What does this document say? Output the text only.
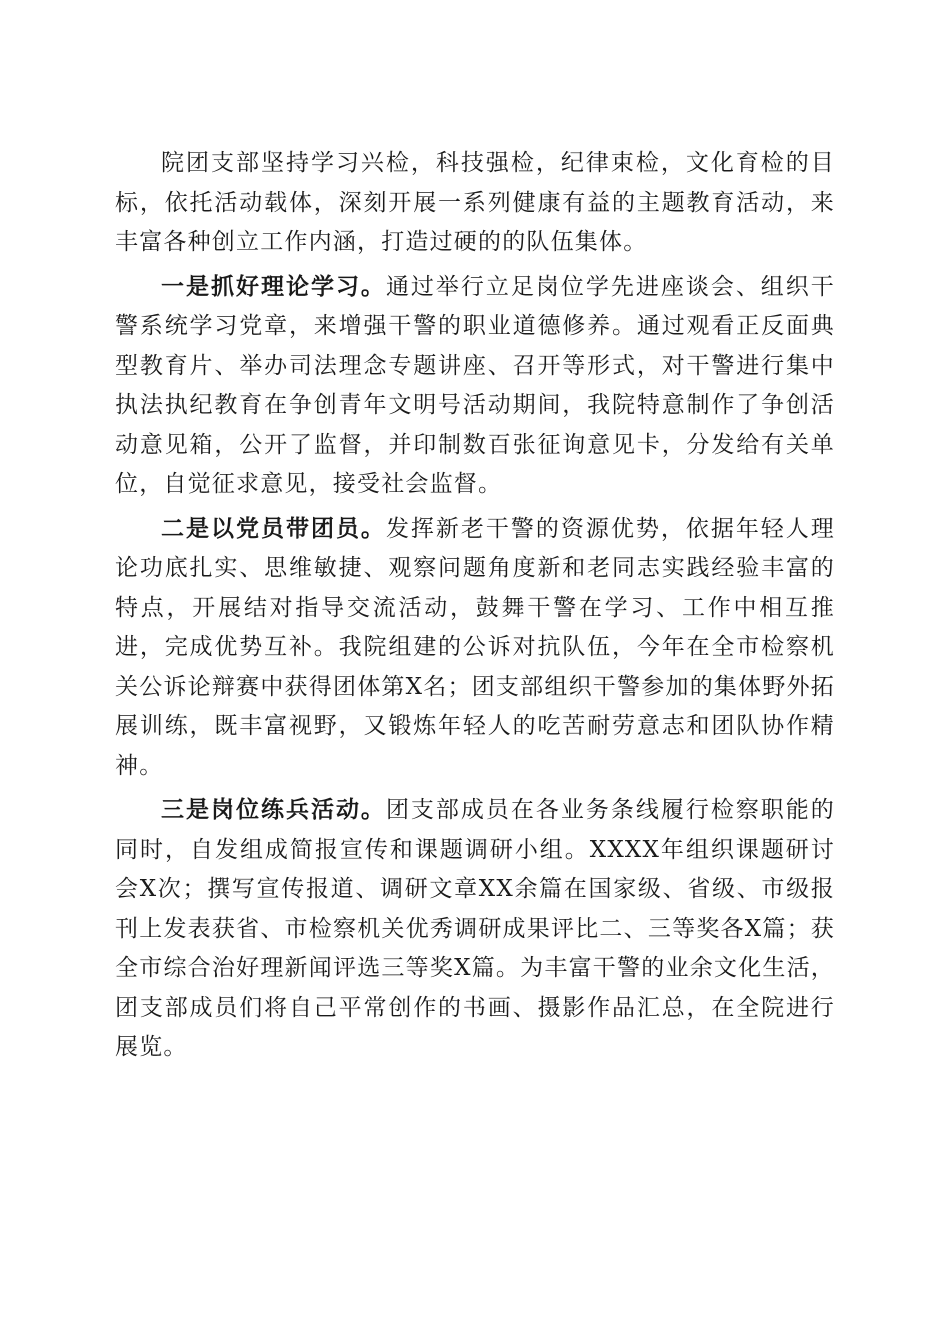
院团支部坚持学习兴检，科技强检，纪律束检，文化育检的目标，依托活动载体，深刻开展一系列健康有益的主题教育活动，来丰富各种创立工作内涵，打造过硬的的队伍集体。

一是抓好理论学习。通过举行立足岗位学先进座谈会、组织干警系统学习党章，来增强干警的职业道德修养。通过观看正反面典型教育片、举办司法理念专题讲座、召开等形式，对干警进行集中执法执纪教育在争创青年文明号活动期间，我院特意制作了争创活动意见箱，公开了监督，并印制数百张征询意见卡，分发给有关单位，自觉征求意见，接受社会监督。

二是以党员带团员。发挥新老干警的资源优势，依据年轻人理论功底扎实、思维敏捷、观察问题角度新和老同志实践经验丰富的特点，开展结对指导交流活动，鼓舞干警在学习、工作中相互推进，完成优势互补。我院组建的公诉对抗队伍，今年在全市检察机关公诉论辩赛中获得团体第X名；团支部组织干警参加的集体野外拓展训练，既丰富视野，又锻炼年轻人的吃苦耐劳意志和团队协作精神。

三是岗位练兵活动。团支部成员在各业务条线履行检察职能的同时，自发组成简报宣传和课题调研小组。XXXX年组织课题研讨会X次；撰写宣传报道、调研文章XX余篇在国家级、省级、市级报刊上发表获省、市检察机关优秀调研成果评比二、三等奖各X篇；获全市综合治好理新闻评选三等奖X篇。为丰富干警的业余文化生活，团支部成员们将自己平常创作的书画、摄影作品汇总，在全院进行展览。
